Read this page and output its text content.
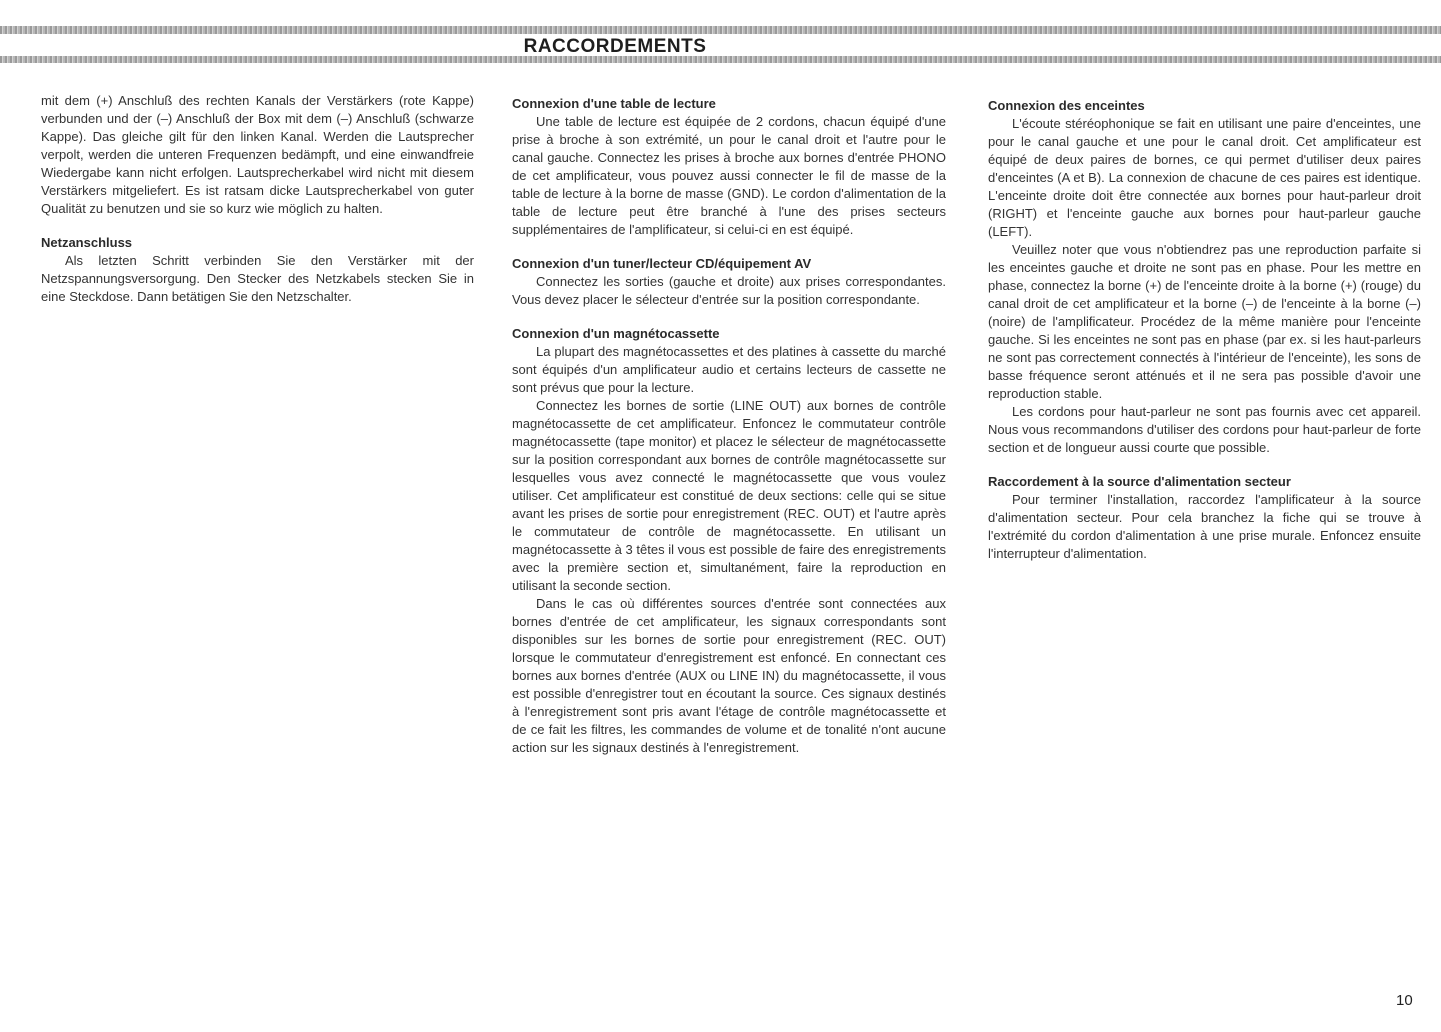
RACCORDEMENTS

mit dem (+) Anschluß des rechten Kanals der Verstärkers (rote Kappe) verbunden und der (–) Anschluß der Box mit dem (–) Anschluß (schwarze Kappe). Das gleiche gilt für den linken Kanal. Werden die Lautsprecher verpolt, werden die unteren Frequenzen bedämpft, und eine einwandfreie Wiedergabe kann nicht erfolgen. Lautsprecherkabel wird nicht mit diesem Verstärkers mitgeliefert. Es ist ratsam dicke Lautsprecherkabel von guter Qualität zu benutzen und sie so kurz wie möglich zu halten.

Netzanschluss

Als letzten Schritt verbinden Sie den Verstärker mit der Netzspannungsversorgung. Den Stecker des Netzkabels stecken Sie in eine Steckdose. Dann betätigen Sie den Netzschalter.

Connexion d'une table de lecture

Une table de lecture est équipée de 2 cordons, chacun équipé d'une prise à broche à son extrémité, un pour le canal droit et l'autre pour le canal gauche. Connectez les prises à broche aux bornes d'entrée PHONO de cet amplificateur, vous pouvez aussi connecter le fil de masse de la table de lecture à la borne de masse (GND). Le cordon d'alimentation de la table de lecture peut être branché à l'une des prises secteurs supplémentaires de l'amplificateur, si celui-ci en est équipé.

Connexion d'un tuner/lecteur CD/équipement AV

Connectez les sorties (gauche et droite) aux prises correspondantes. Vous devez placer le sélecteur d'entrée sur la position correspondante.

Connexion d'un magnétocassette

La plupart des magnétocassettes et des platines à cassette du marché sont équipés d'un amplificateur audio et certains lecteurs de cassette ne sont prévus que pour la lecture.

Connectez les bornes de sortie (LINE OUT) aux bornes de contrôle magnétocassette de cet amplificateur. Enfoncez le commutateur contrôle magnétocassette (tape monitor) et placez le sélecteur de magnétocassette sur la position correspondant aux bornes de contrôle magnétocassette sur lesquelles vous avez connecté le magnétocassette que vous voulez utiliser. Cet amplificateur est constitué de deux sections: celle qui se situe avant les prises de sortie pour enregistrement (REC. OUT) et l'autre après le commutateur de contrôle de magnétocassette. En utilisant un magnétocassette à 3 têtes il vous est possible de faire des enregistrements avec la première section et, simultanément, faire la reproduction en utilisant la seconde section.

Dans le cas où différentes sources d'entrée sont connectées aux bornes d'entrée de cet amplificateur, les signaux correspondants sont disponibles sur les bornes de sortie pour enregistrement (REC. OUT) lorsque le commutateur d'enregistrement est enfoncé. En connectant ces bornes aux bornes d'entrée (AUX ou LINE IN) du magnétocassette, il vous est possible d'enregistrer tout en écoutant la source. Ces signaux destinés à l'enregistrement sont pris avant l'étage de contrôle magnétocassette et de ce fait les filtres, les commandes de volume et de tonalité n'ont aucune action sur les signaux destinés à l'enregistrement.

Connexion des enceintes

L'écoute stéréophonique se fait en utilisant une paire d'enceintes, une pour le canal gauche et une pour le canal droit. Cet amplificateur est équipé de deux paires de bornes, ce qui permet d'utiliser deux paires d'enceintes (A et B). La connexion de chacune de ces paires est identique. L'enceinte droite doit être connectée aux bornes pour haut-parleur droit (RIGHT) et l'enceinte gauche aux bornes pour haut-parleur gauche (LEFT).

Veuillez noter que vous n'obtiendrez pas une reproduction parfaite si les enceintes gauche et droite ne sont pas en phase. Pour les mettre en phase, connectez la borne (+) de l'enceinte droite à la borne (+) (rouge) du canal droit de cet amplificateur et la borne (–) de l'enceinte à la borne (–) (noire) de l'amplificateur. Procédez de la même manière pour l'enceinte gauche. Si les enceintes ne sont pas en phase (par ex. si les haut-parleurs ne sont pas correctement connectés à l'intérieur de l'enceinte), les sons de basse fréquence seront atténués et il ne sera pas possible d'avoir une reproduction stable.

Les cordons pour haut-parleur ne sont pas fournis avec cet appareil. Nous vous recommandons d'utiliser des cordons pour haut-parleur de forte section et de longueur aussi courte que possible.

Raccordement à la source d'alimentation secteur

Pour terminer l'installation, raccordez l'amplificateur à la source d'alimentation secteur. Pour cela branchez la fiche qui se trouve à l'extrémité du cordon d'alimentation à une prise murale. Enfoncez ensuite l'interrupteur d'alimentation.

10
